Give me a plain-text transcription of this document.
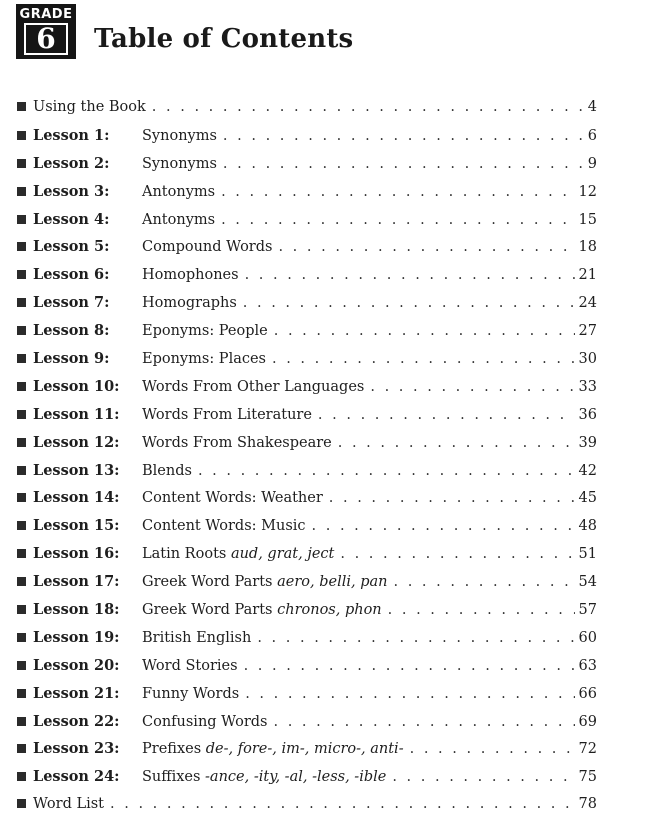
GRADE
6	Table of Contents
Using the Book . . .	4
Lesson 1:	Synonyms . . .	6
Lesson 2:	Synonyms . . .	9
Lesson 3:	Antonyms . . .	12
Lesson 4:	Antonyms . . .	15
Lesson 5:	Compound Words . . .	18
Lesson 6:	Homophones . . .	21
Lesson 7:	Homographs . . .	24
Lesson 8:	Eponyms: People . . .	27
Lesson 9:	Eponyms: Places . . .	30
Lesson 10:	Words From Other Languages . . .	33
Lesson 11:	Words From Literature . . .	36
Lesson 12:	Words From Shakespeare . . .	39
Lesson 13:	Blends . . .	42
Lesson 14:	Content Words: Weather . . .	45
Lesson 15:	Content Words: Music . . .	48
Lesson 16:	Latin Roots aud, grat, ject . . .	51
Lesson 17:	Greek Word Parts aero, belli, pan . . .	54
Lesson 18:	Greek Word Parts chronos, phon . . .	57
Lesson 19:	British English . . .	60
Lesson 20:	Word Stories . . .	63
Lesson 21:	Funny Words . . .	66
Lesson 22:	Confusing Words . . .	69
Lesson 23:	Prefixes de-, fore-, im-, micro-, anti- . . .	72
Lesson 24:	Suffixes -ance, -ity, -al, -less, -ible . . .	75
Word List . . .	78
